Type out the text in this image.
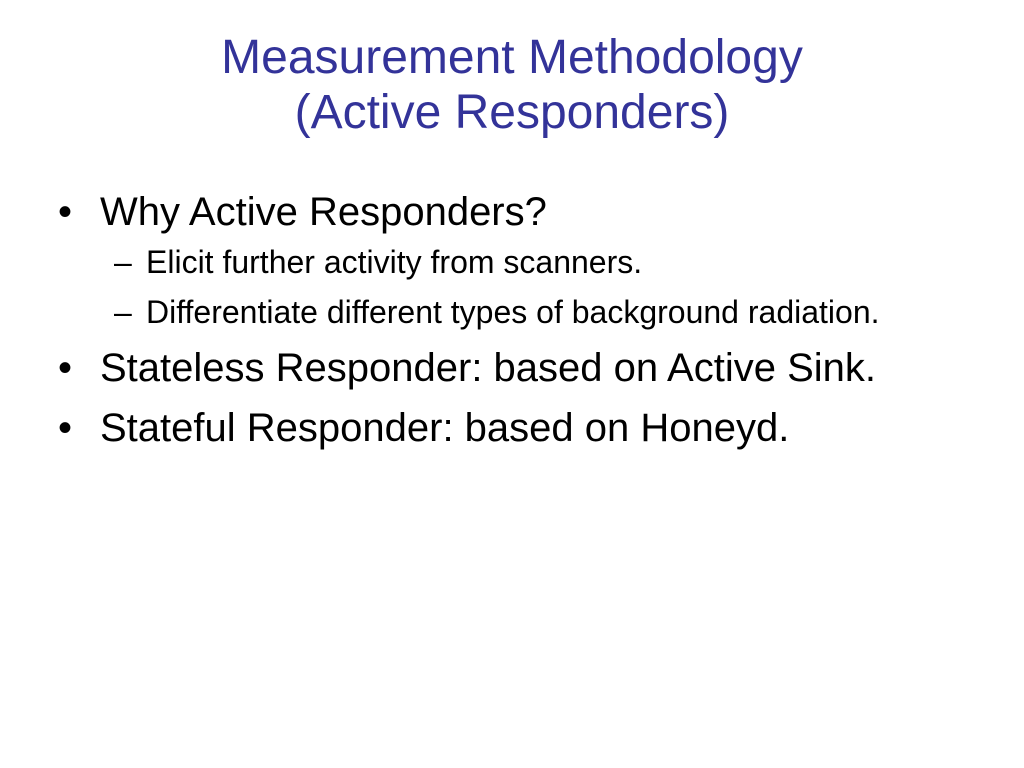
Measurement Methodology
(Active Responders)
• Why Active Responders?
– Elicit further activity from scanners.
– Differentiate different types of background radiation.
• Stateless Responder: based on Active Sink.
• Stateful Responder: based on Honeyd.
